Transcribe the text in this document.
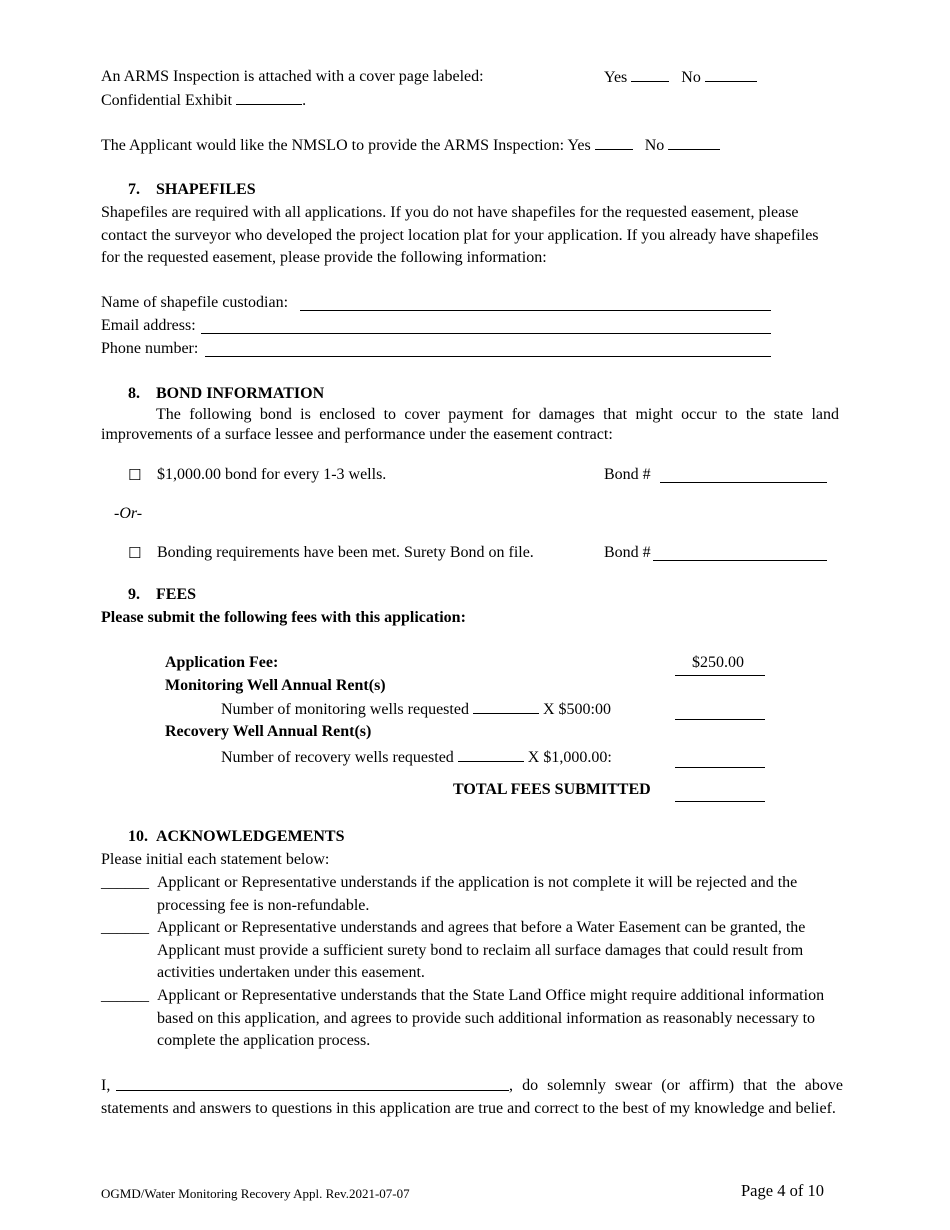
An ARMS Inspection is attached with a cover page labeled:	Yes	No
Confidential Exhibit	.
The Applicant would like the NMSLO to provide the ARMS Inspection: Yes	No
7. SHAPEFILES
Shapefiles are required with all applications. If you do not have shapefiles for the requested easement, please contact the surveyor who developed the project location plat for your application. If you already have shapefiles for the requested easement, please provide the following information:
Name of shapefile custodian:
Email address:
Phone number:
8. BOND INFORMATION
The following bond is enclosed to cover payment for damages that might occur to the state land improvements of a surface lessee and performance under the easement contract:
☐ $1,000.00 bond for every 1-3 wells.	Bond #
-Or-
☐ Bonding requirements have been met. Surety Bond on file.	Bond #
9. FEES
Please submit the following fees with this application:
Application Fee:	$250.00
Monitoring Well Annual Rent(s)
Number of monitoring wells requested	X $500:00
Recovery Well Annual Rent(s)
Number of recovery wells requested	X $1,000.00:
TOTAL FEES SUBMITTED
10. ACKNOWLEDGEMENTS
Please initial each statement below:
______ Applicant or Representative understands if the application is not complete it will be rejected and the processing fee is non-refundable.
______ Applicant or Representative understands and agrees that before a Water Easement can be granted, the Applicant must provide a sufficient surety bond to reclaim all surface damages that could result from activities undertaken under this easement.
______ Applicant or Representative understands that the State Land Office might require additional information based on this application, and agrees to provide such additional information as reasonably necessary to complete the application process.
I,	, do solemnly swear (or affirm) that the above statements and answers to questions in this application are true and correct to the best of my knowledge and belief.
OGMD/Water Monitoring Recovery Appl. Rev.2021-07-07	Page 4 of 10
